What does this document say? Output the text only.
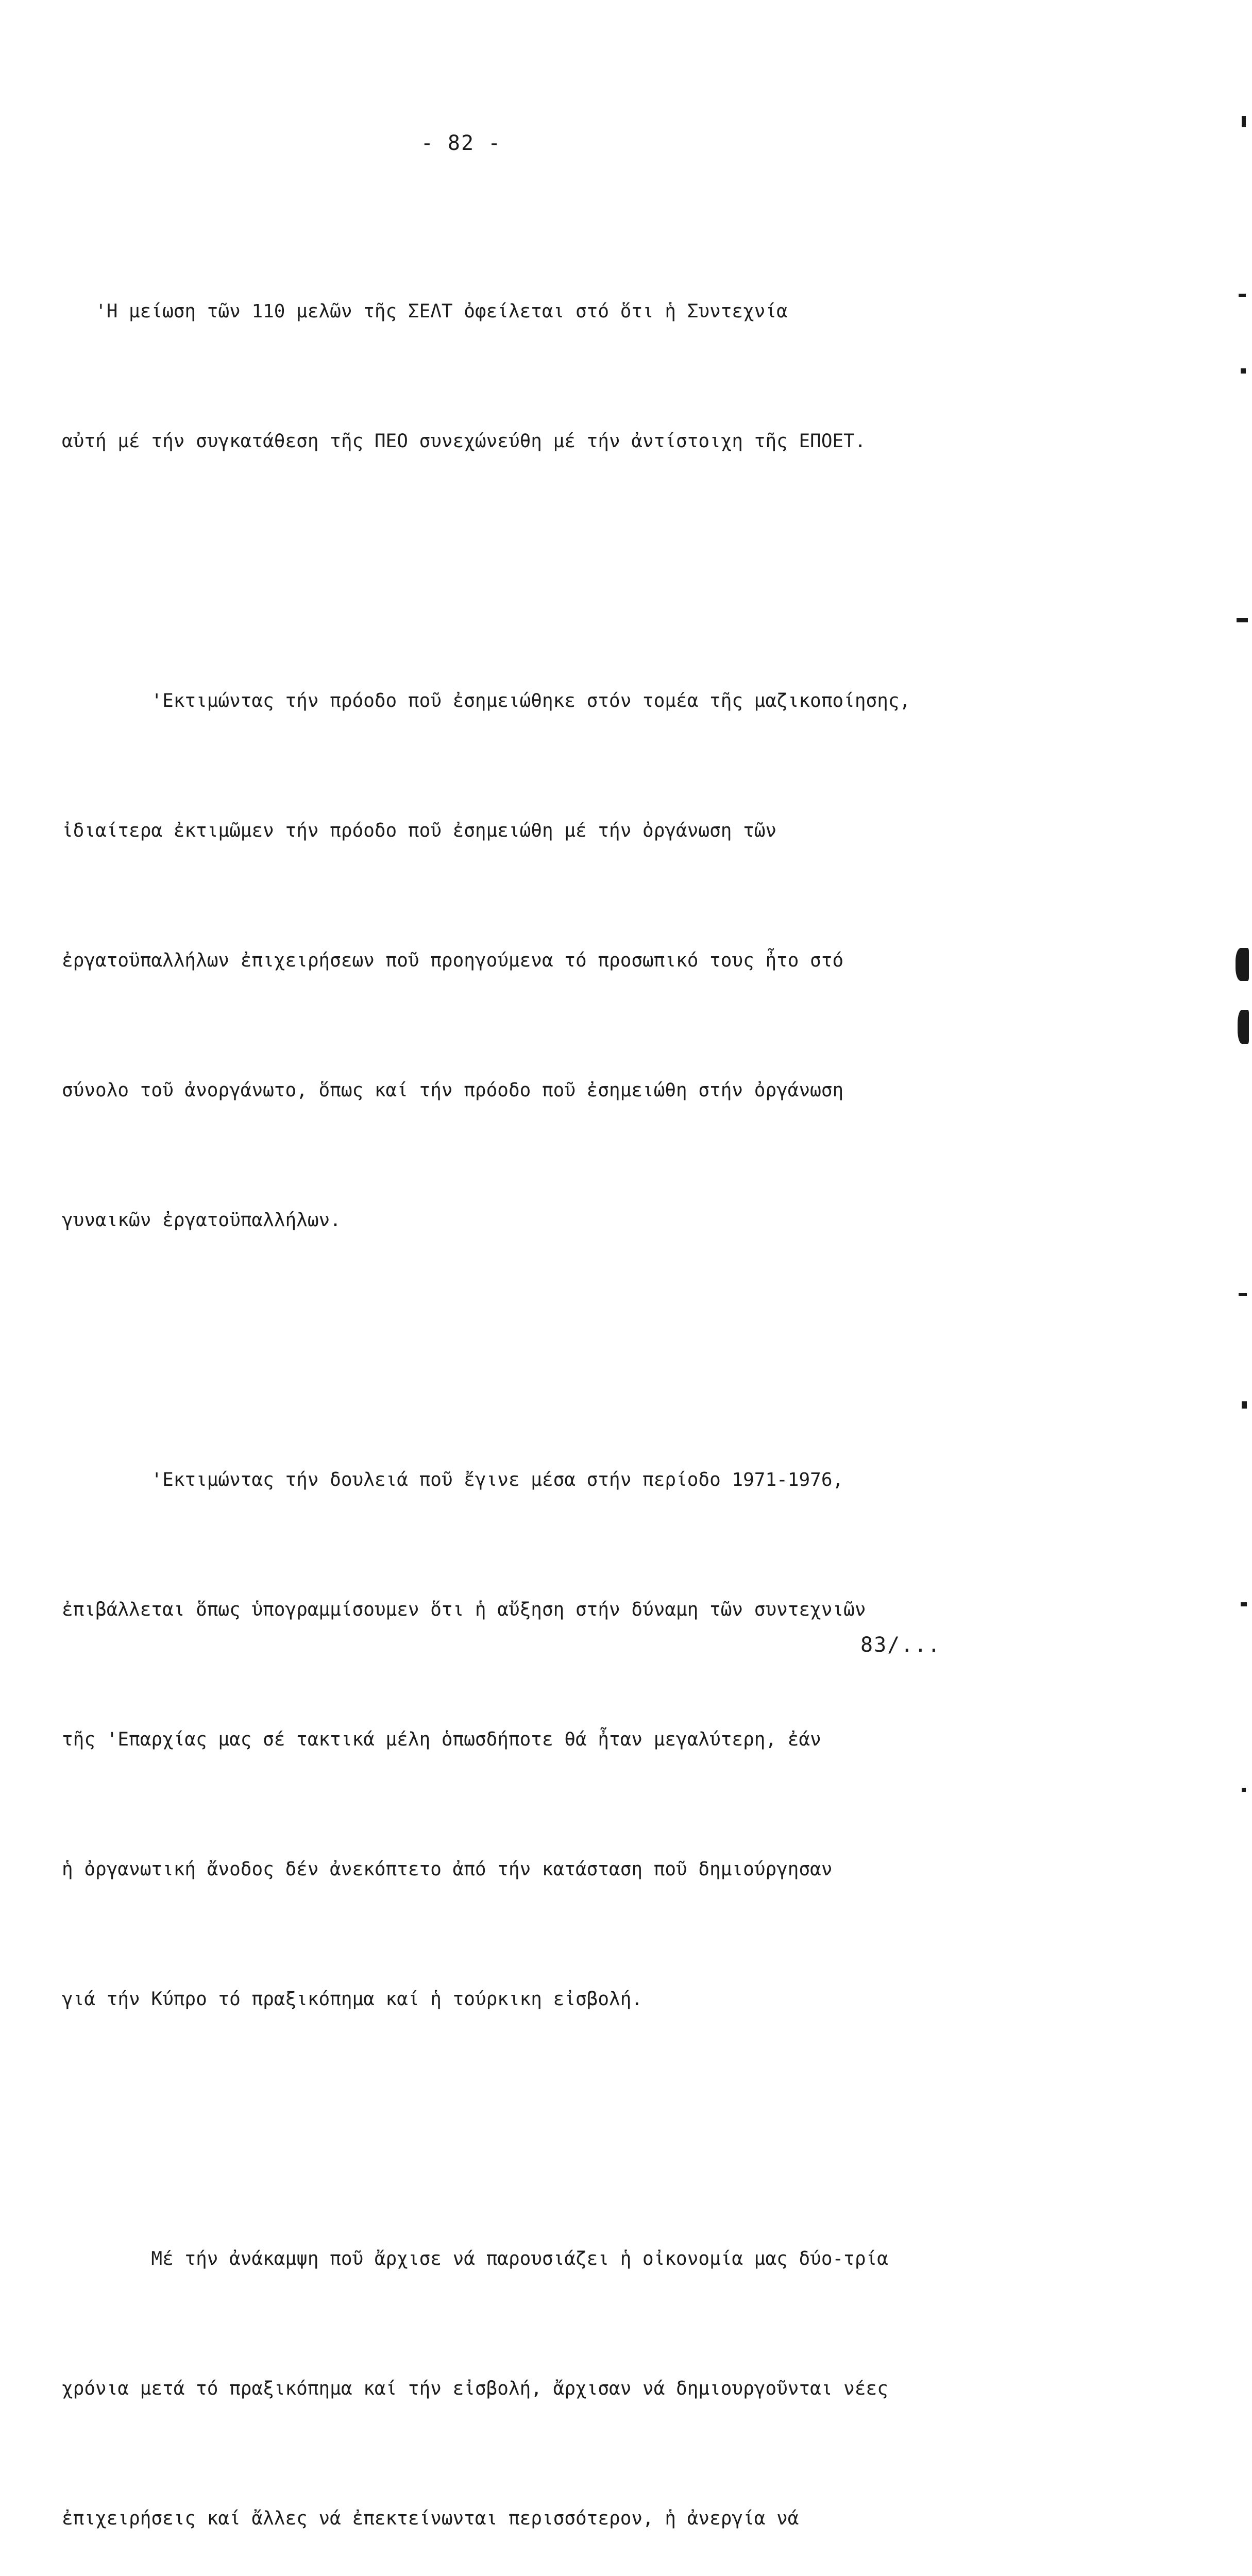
- 82 -

'Η μείωση τῶν 110 μελῶν τῆς ΣΕΛΤ ὀφείλεται στό ὅτι ἡ Συντεχνία

αὐτή μέ τήν συγκατάθεση τῆς ΠΕΟ συνεχώνεύθη μέ τήν ἀντίστοιχη τῆς ΕΠΟΕΤ.

'Εκτιμώντας τήν πρόοδο ποῦ ἐσημειώθηκε στόν τομέα τῆς μαζικοποίησης,

ἰδιαίτερα ἐκτιμῶμεν τήν πρόοδο ποῦ ἐσημειώθη μέ τήν ὀργάνωση τῶν

ἐργατοϋπαλλήλων ἐπιχειρήσεων ποῦ προηγούμενα τό προσωπικό τους ἦτο στό

σύνολο τοῦ ἀνοργάνωτο, ὅπως καί τήν πρόοδο ποῦ ἐσημειώθη στήν ὀργάνωση

γυναικῶν ἐργατοϋπαλλήλων.

'Εκτιμώντας τήν δουλειά ποῦ ἔγινε μέσα στήν περίοδο 1971-1976,

ἐπιβάλλεται ὅπως ὑπογραμμίσουμεν ὅτι ἡ αὔξηση στήν δύναμη τῶν συντεχνιῶν

τῆς 'Επαρχίας μας σέ τακτικά μέλη ὁπωσδήποτε θά ἦταν μεγαλύτερη, ἐάν

ἡ ὀργανωτική ἄνοδος δέν ἀνεκόπτετο ἀπό τήν κατάσταση ποῦ δημιούργησαν

γιά τήν Κύπρο τό πραξικόπημα καί ἡ τούρκικη εἰσβολή.

Μέ τήν ἀνάκαμψη ποῦ ἄρχισε νά παρουσιάζει ἡ οἰκονομία μας δύο-τρία

χρόνια μετά τό πραξικόπημα καί τήν εἰσβολή, ἄρχισαν νά δημιουργοῦνται νέες

ἐπιχειρήσεις καί ἄλλες νά ἐπεκτείνωνται περισσότερον, ἡ ἀνεργία νά

83/...
